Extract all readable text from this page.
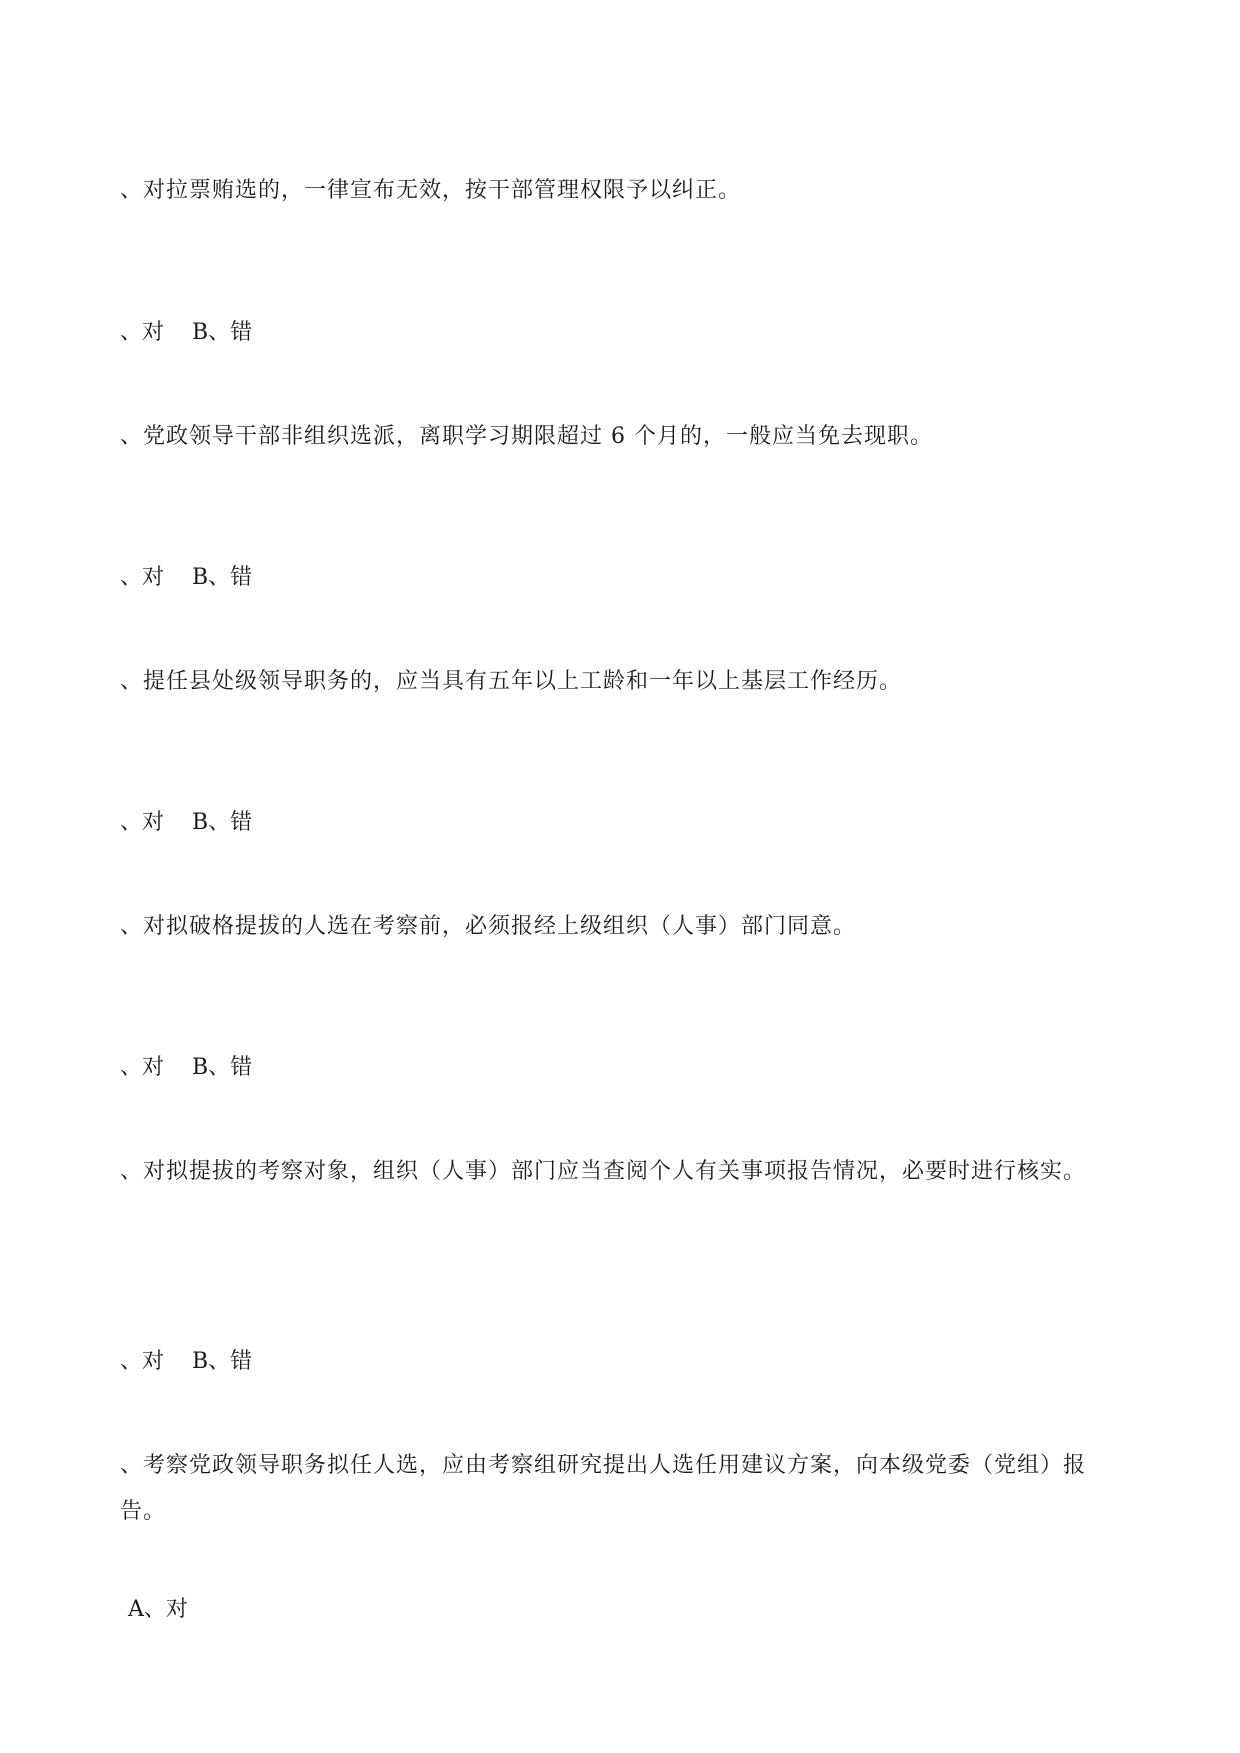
、对拉票贿选的，一律宣布无效，按干部管理权限予以纠正。
、对 B、错
、党政领导干部非组织选派，离职学习期限超过 6 个月的，一般应当免去现职。
、对 B、错
、提任县处级领导职务的，应当具有五年以上工龄和一年以上基层工作经历。
、对 B、错
、对拟破格提拔的人选在考察前，必须报经上级组织（人事）部门同意。
、对 B、错
、对拟提拔的考察对象，组织（人事）部门应当查阅个人有关事项报告情况，必要时进行核实。
、对 B、错
、考察党政领导职务拟任人选，应由考察组研究提出人选任用建议方案，向本级党委（党组）报告。
A、对
